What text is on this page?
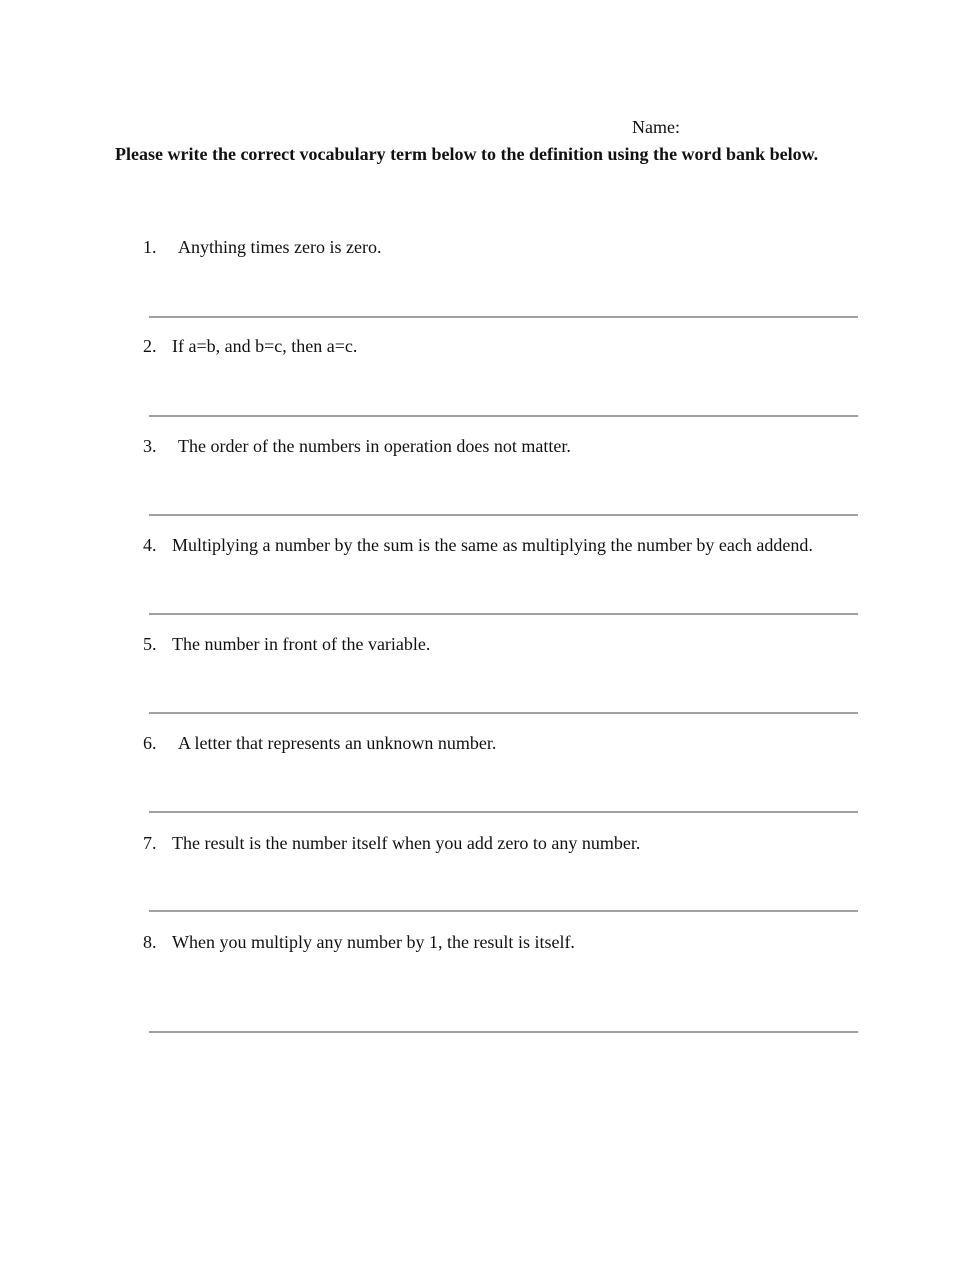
Name:
Please write the correct vocabulary term below to the definition using the word bank below.
1. Anything times zero is zero.
2. If a=b, and b=c, then a=c.
3. The order of the numbers in operation does not matter.
4. Multiplying a number by the sum is the same as multiplying the number by each addend.
5. The number in front of the variable.
6. A letter that represents an unknown number.
7. The result is the number itself when you add zero to any number.
8. When you multiply any number by 1, the result is itself.
